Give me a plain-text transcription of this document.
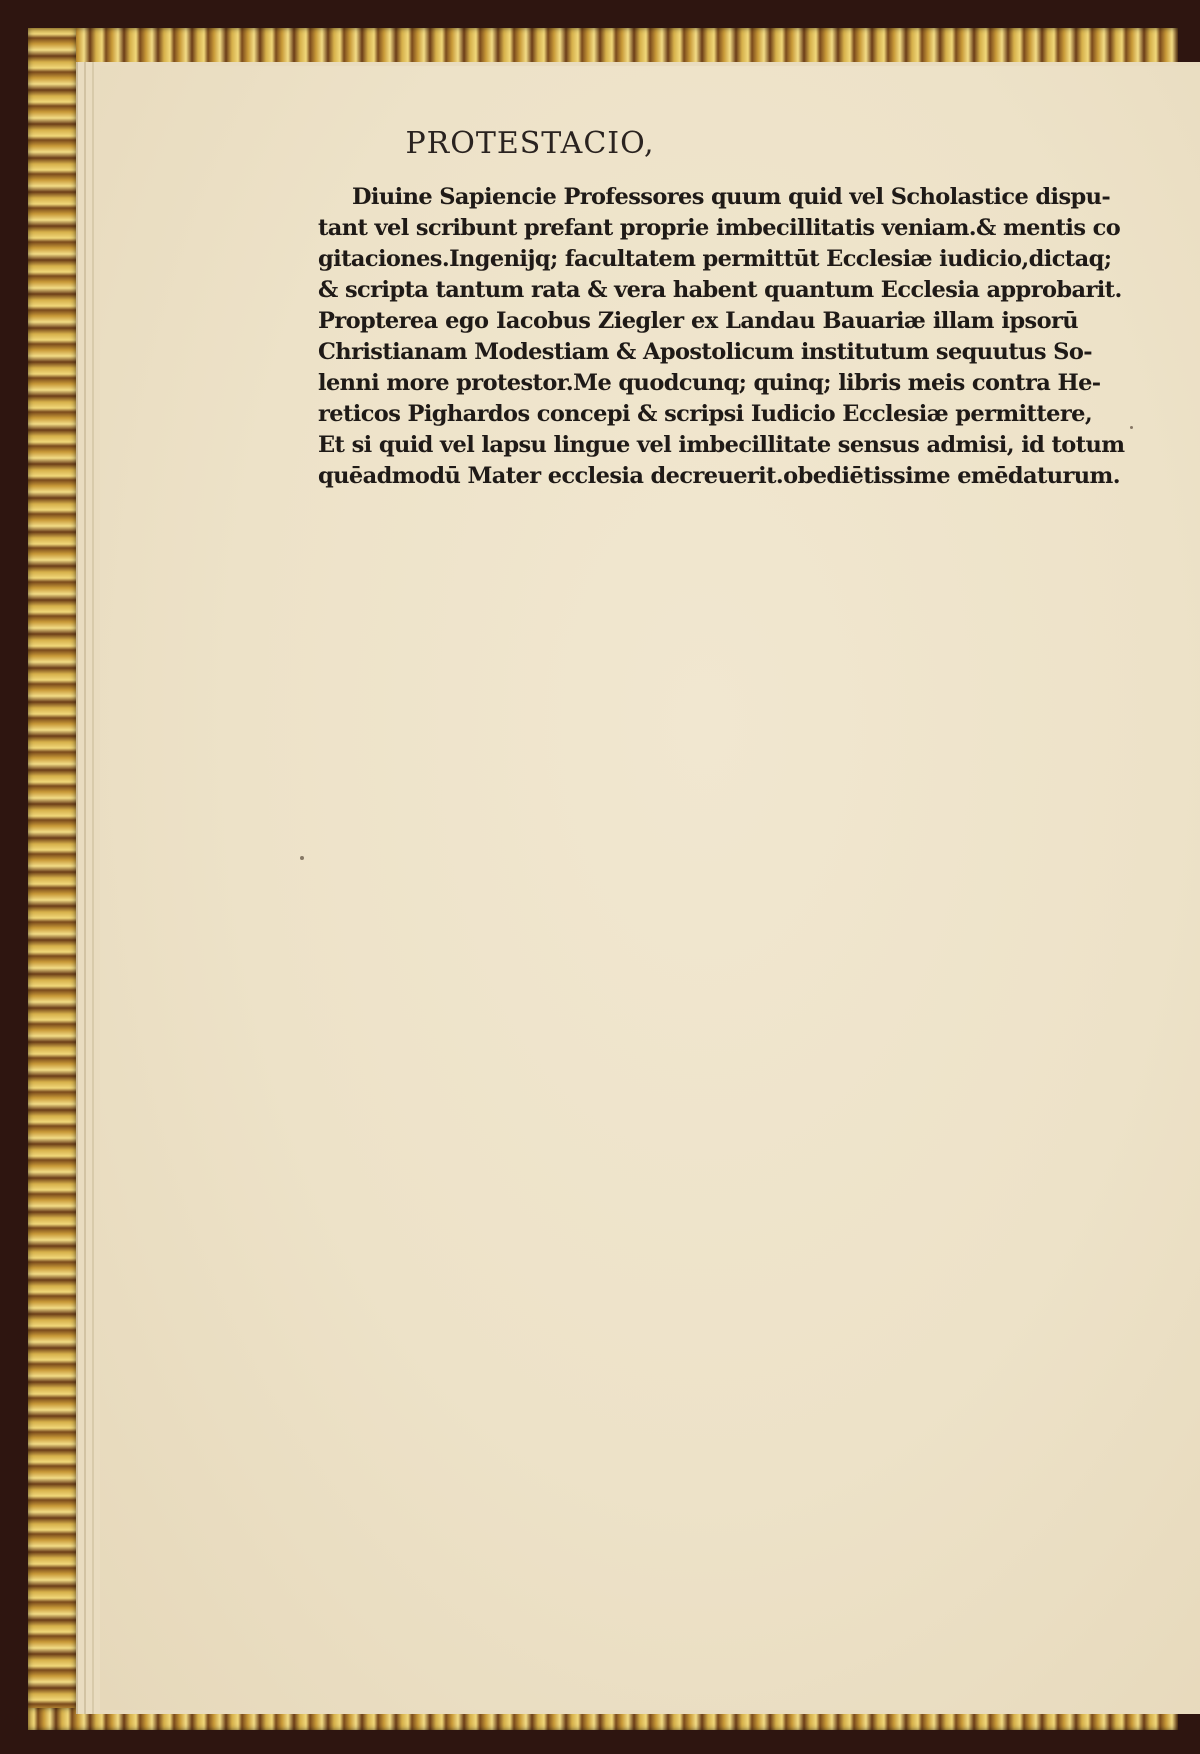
PROTESTACIO,
Diuine Sapiencie Professores quum quid vel Scholastice dispu-
tant vel scribunt prefant proprie imbecillitatis veniam.& mentis co
gitaciones.Ingenijq; facultatem permittūt Ecclesiæ iudicio,dictaq;
& scripta tantum rata & vera habent quantum Ecclesia approbarit.
Propterea ego Iacobus Ziegler ex Landau Bauariæ illam ipsorū
Christianam Modestiam & Apostolicum institutum sequutus So-
lenni more protestor.Me quodcunq; quinq; libris meis contra He-
reticos Pighardos concepi & scripsi Iudicio Ecclesiæ permittere,
Et si quid vel lapsu lingue vel imbecillitate sensus admisi, id totum
quēadmodū Mater ecclesia decreuerit.obediētissime emēdaturum.
